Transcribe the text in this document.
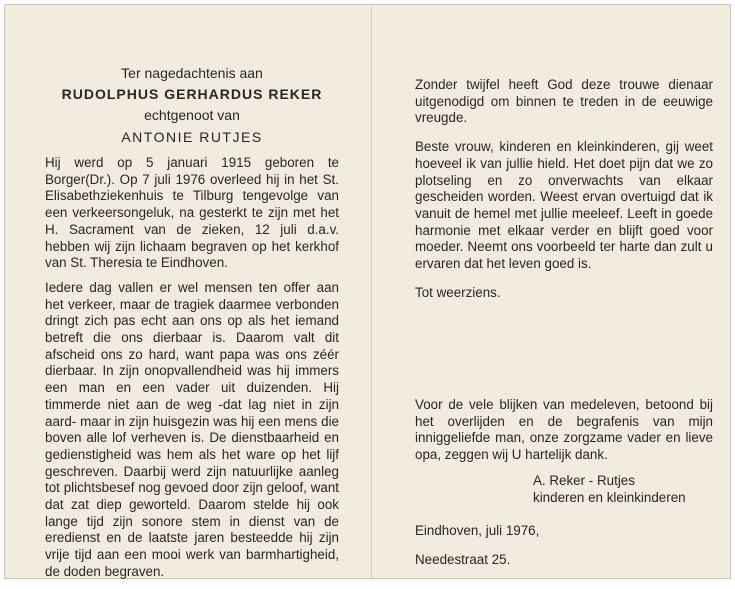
Ter nagedachtenis aan
RUDOLPHUS GERHARDUS REKER
echtgenoot van
ANTONIE RUTJES

Hij werd op 5 januari 1915 geboren te Borger(Dr.). Op 7 juli 1976 overleed hij in het St. Elisabethziekenhuis te Tilburg tengevolge van een verkeersongeluk, na gesterkt te zijn met het H. Sacrament van de zieken, 12 juli d.a.v. hebben wij zijn lichaam begraven op het kerkhof van St. Theresia te Eindhoven.

Iedere dag vallen er wel mensen ten offer aan het verkeer, maar de tragiek daarmee verbonden dringt zich pas echt aan ons op als het iemand betreft die ons dierbaar is. Daarom valt dit afscheid ons zo hard, want papa was ons zéér dierbaar. In zijn onopvallendheid was hij immers een man en een vader uit duizenden. Hij timmerde niet aan de weg -dat lag niet in zijn aard- maar in zijn huisgezin was hij een mens die boven alle lof verheven is. De dienstbaarheid en gedienstigheid was hem als het ware op het lijf geschreven. Daarbij werd zijn natuurlijke aanleg tot plichtsbesef nog gevoed door zijn geloof, want dat zat diep geworteld. Daarom stelde hij ook lange tijd zijn sonore stem in dienst van de eredienst en de laatste jaren besteedde hij zijn vrije tijd aan een mooi werk van barmhartigheid, de doden begraven.

Zonder twijfel heeft God deze trouwe dienaar uitgenodigd om binnen te treden in de eeuwige vreugde.

Beste vrouw, kinderen en kleinkinderen, gij weet hoeveel ik van jullie hield. Het doet pijn dat we zo plotseling en zo onverwachts van elkaar gescheiden worden. Weest ervan overtuigd dat ik vanuit de hemel met jullie meeleef. Leeft in goede harmonie met elkaar verder en blijft goed voor moeder. Neemt ons voorbeeld ter harte dan zult u ervaren dat het leven goed is.

Tot weerziens.

Voor de vele blijken van medeleven, betoond bij het overlijden en de begrafenis van mijn inniggeliefde man, onze zorgzame vader en lieve opa, zeggen wij U hartelijk dank.

A. Reker - Rutjes
kinderen en kleinkinderen
Eindhoven, juli 1976,
Needestraat 25.
